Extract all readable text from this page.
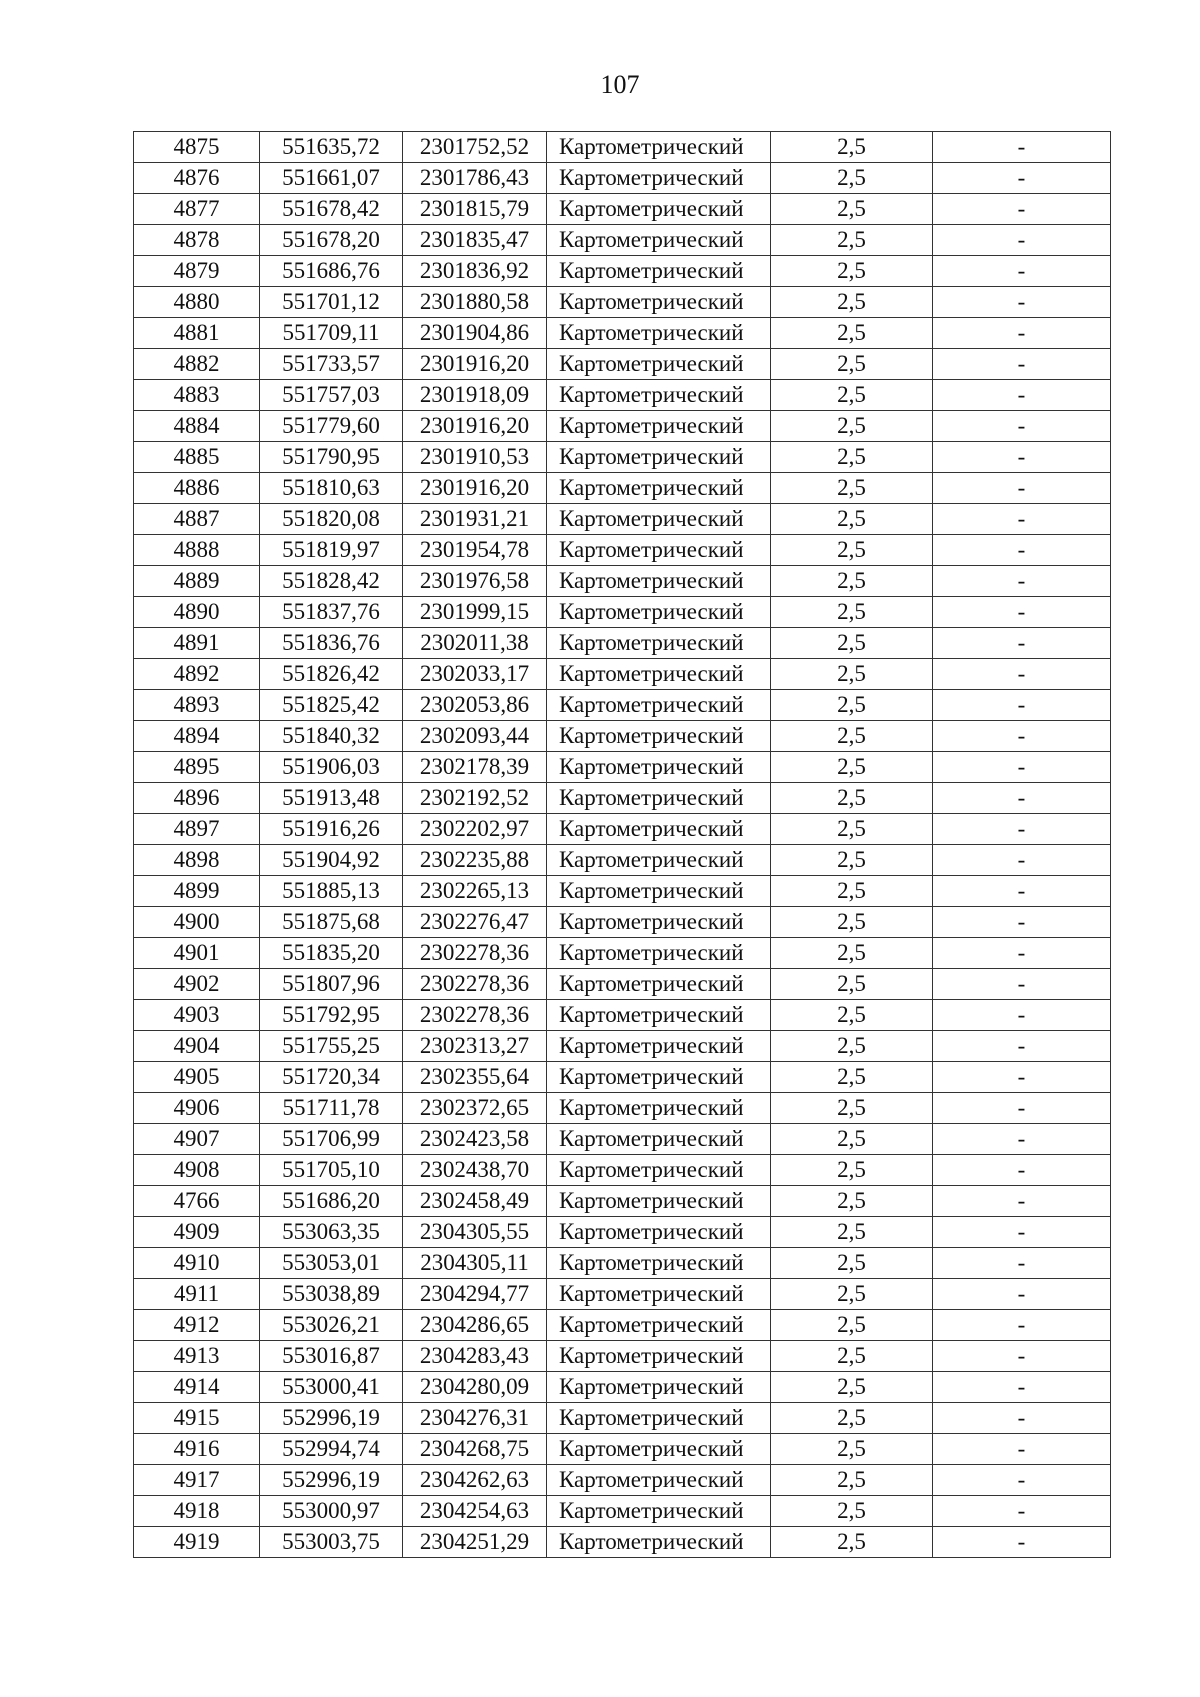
107
4875	551635,72	2301752,52	Картометрический	2,5	-
4876	551661,07	2301786,43	Картометрический	2,5	-
4877	551678,42	2301815,79	Картометрический	2,5	-
4878	551678,20	2301835,47	Картометрический	2,5	-
4879	551686,76	2301836,92	Картометрический	2,5	-
4880	551701,12	2301880,58	Картометрический	2,5	-
4881	551709,11	2301904,86	Картометрический	2,5	-
4882	551733,57	2301916,20	Картометрический	2,5	-
4883	551757,03	2301918,09	Картометрический	2,5	-
4884	551779,60	2301916,20	Картометрический	2,5	-
4885	551790,95	2301910,53	Картометрический	2,5	-
4886	551810,63	2301916,20	Картометрический	2,5	-
4887	551820,08	2301931,21	Картометрический	2,5	-
4888	551819,97	2301954,78	Картометрический	2,5	-
4889	551828,42	2301976,58	Картометрический	2,5	-
4890	551837,76	2301999,15	Картометрический	2,5	-
4891	551836,76	2302011,38	Картометрический	2,5	-
4892	551826,42	2302033,17	Картометрический	2,5	-
4893	551825,42	2302053,86	Картометрический	2,5	-
4894	551840,32	2302093,44	Картометрический	2,5	-
4895	551906,03	2302178,39	Картометрический	2,5	-
4896	551913,48	2302192,52	Картометрический	2,5	-
4897	551916,26	2302202,97	Картометрический	2,5	-
4898	551904,92	2302235,88	Картометрический	2,5	-
4899	551885,13	2302265,13	Картометрический	2,5	-
4900	551875,68	2302276,47	Картометрический	2,5	-
4901	551835,20	2302278,36	Картометрический	2,5	-
4902	551807,96	2302278,36	Картометрический	2,5	-
4903	551792,95	2302278,36	Картометрический	2,5	-
4904	551755,25	2302313,27	Картометрический	2,5	-
4905	551720,34	2302355,64	Картометрический	2,5	-
4906	551711,78	2302372,65	Картометрический	2,5	-
4907	551706,99	2302423,58	Картометрический	2,5	-
4908	551705,10	2302438,70	Картометрический	2,5	-
4766	551686,20	2302458,49	Картометрический	2,5	-
4909	553063,35	2304305,55	Картометрический	2,5	-
4910	553053,01	2304305,11	Картометрический	2,5	-
4911	553038,89	2304294,77	Картометрический	2,5	-
4912	553026,21	2304286,65	Картометрический	2,5	-
4913	553016,87	2304283,43	Картометрический	2,5	-
4914	553000,41	2304280,09	Картометрический	2,5	-
4915	552996,19	2304276,31	Картометрический	2,5	-
4916	552994,74	2304268,75	Картометрический	2,5	-
4917	552996,19	2304262,63	Картометрический	2,5	-
4918	553000,97	2304254,63	Картометрический	2,5	-
4919	553003,75	2304251,29	Картометрический	2,5	-
